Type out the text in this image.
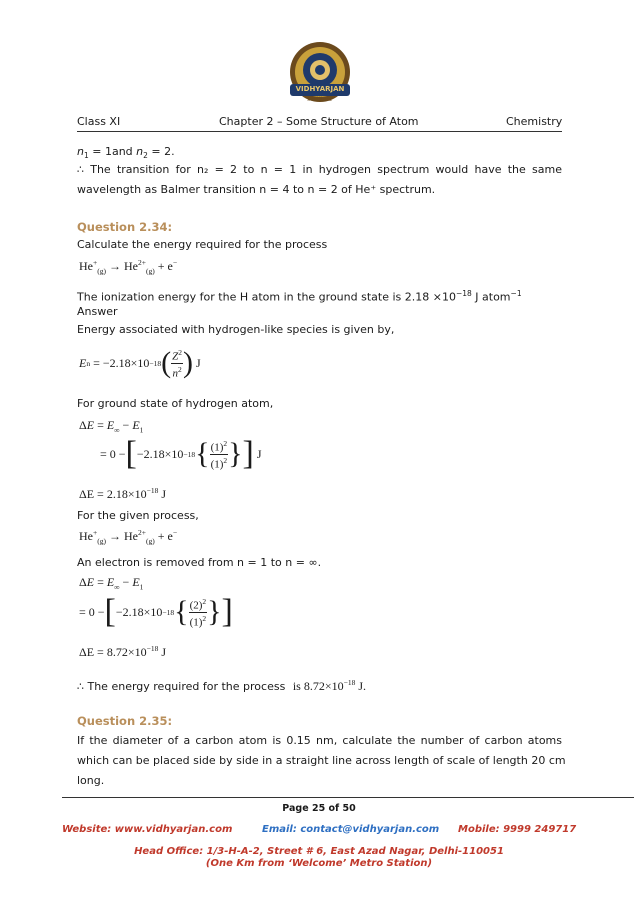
VIDHYARJAN
Institute
Class XI	Chapter 2 – Some Structure of Atom	Chemistry
$n_1 = 1and$ $n_2 = 2$.
∴ The transition for n₂ = 2 to n = 1 in hydrogen spectrum would have the same
wavelength as Balmer transition n = 4 to n = 2 of He⁺ spectrum.
Question 2.34:
Calculate the energy required for the process
$He^+_{(g)} \to He^{2+}_{(g)} + e^-$
The ionization energy for the H atom in the ground state is $2.18 \times 10^{-18}$ J atom$^{-1}$
Answer
Energy associated with hydrogen-like species is given by,
E n = −2.18×10 −18 ( $\frac{Z^2}{n^2}$ ) J
For ground state of hydrogen atom,
$\Delta E = E_\infty - E_1$
= 0 − [ −2.18×10 −18 { $\frac{(1)^2}{(1)^2}$ } ] J
$\Delta E = 2.18\times 10^{-18}$ J
For the given process,
$He^+_{(g)} \to He^{2+}_{(g)} + e^-$
An electron is removed from n = 1 to n = ∞.
$\Delta E = E_\infty - E_1$
= 0 − [ −2.18×10 −18 { $\frac{(2)^2}{(1)^2}$ } ]
$\Delta E = 8.72\times 10^{-18}$ J
∴ The energy required for the process is $8.72\times 10^{-18}$ J.
Question 2.35:
If the diameter of a carbon atom is 0.15 nm, calculate the number of carbon atoms
which can be placed side by side in a straight line across length of scale of length 20 cm
long.
Page 25 of 50
Website: www.vidhyarjan.com	Email: contact@vidhyarjan.com Mobile: 9999 249717
Head Office: 1/3-H-A-2, Street # 6, East Azad Nagar, Delhi-110051
(One Km from ‘Welcome’ Metro Station)
